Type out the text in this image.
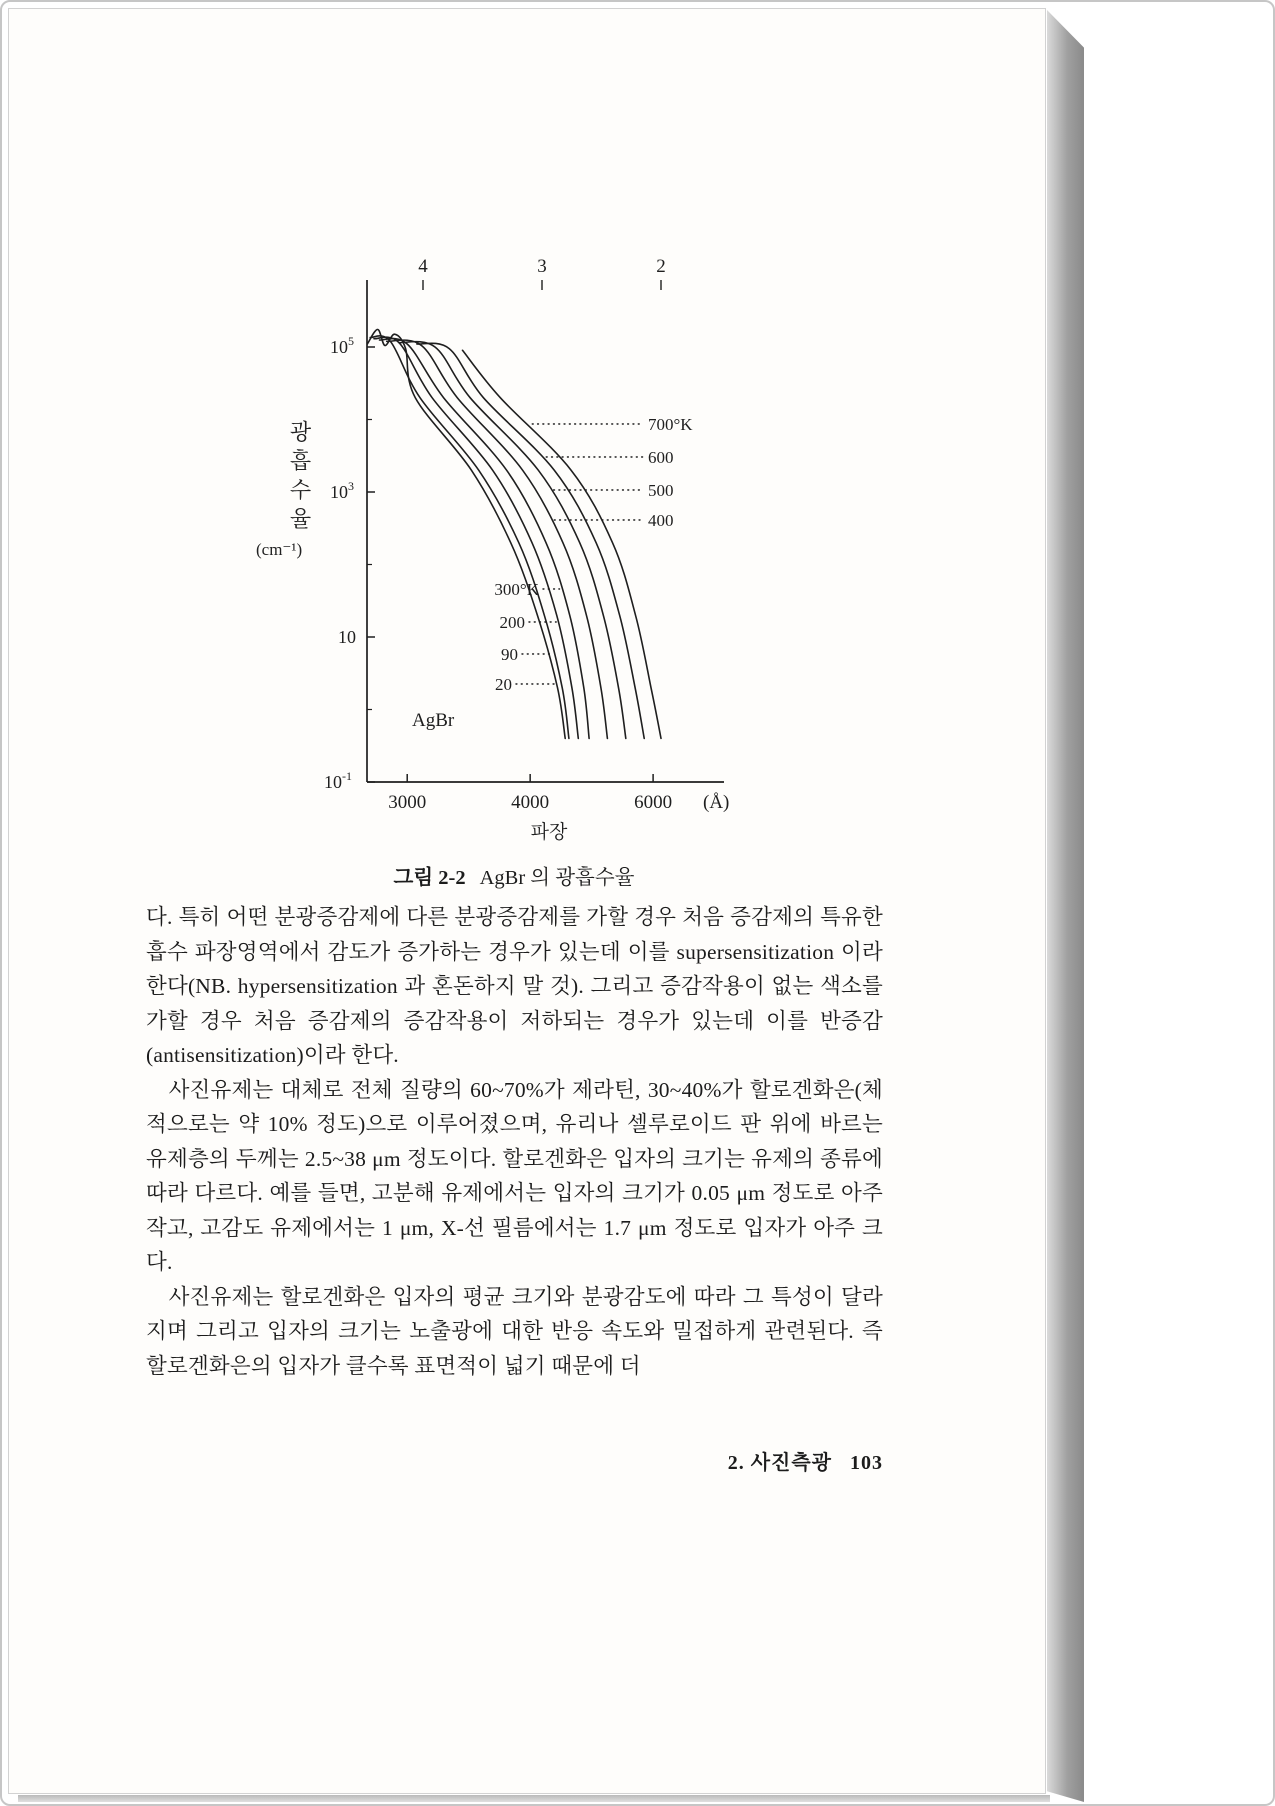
$10^5$
$10^3$
10
$10^{-1}$
3000	4000	6000 (Å)
파장
4	3	2
700°K
600
500
400
300°K
200
90
20
AgBr
광흡수율
(cm⁻¹)
그림 2-2 AgBr 의 광흡수율

다. 특히 어떤 분광증감제에 다른 분광증감제를 가할 경우 처음 증감제의 특유한 흡수 파장영역에서 감도가 증가하는 경우가 있는데 이를 supersensitization 이라 한다(NB. hypersensitization 과 혼돈하지 말 것). 그리고 증감작용이 없는 색소를 가할 경우 처음 증감제의 증감작용이 저하되는 경우가 있는데 이를 반증감(antisensitization)이라 한다.

사진유제는 대체로 전체 질량의 60~70%가 제라틴, 30~40%가 할로겐화은(체적으로는 약 10% 정도)으로 이루어졌으며, 유리나 셀루로이드 판 위에 바르는 유제층의 두께는 2.5~38 μm 정도이다. 할로겐화은 입자의 크기는 유제의 종류에 따라 다르다. 예를 들면, 고분해 유제에서는 입자의 크기가 0.05 μm 정도로 아주 작고, 고감도 유제에서는 1 μm, X-선 필름에서는 1.7 μm 정도로 입자가 아주 크다.

사진유제는 할로겐화은 입자의 평균 크기와 분광감도에 따라 그 특성이 달라지며 그리고 입자의 크기는 노출광에 대한 반응 속도와 밀접하게 관련된다. 즉 할로겐화은의 입자가 클수록 표면적이 넓기 때문에 더

2. 사진측광 103
